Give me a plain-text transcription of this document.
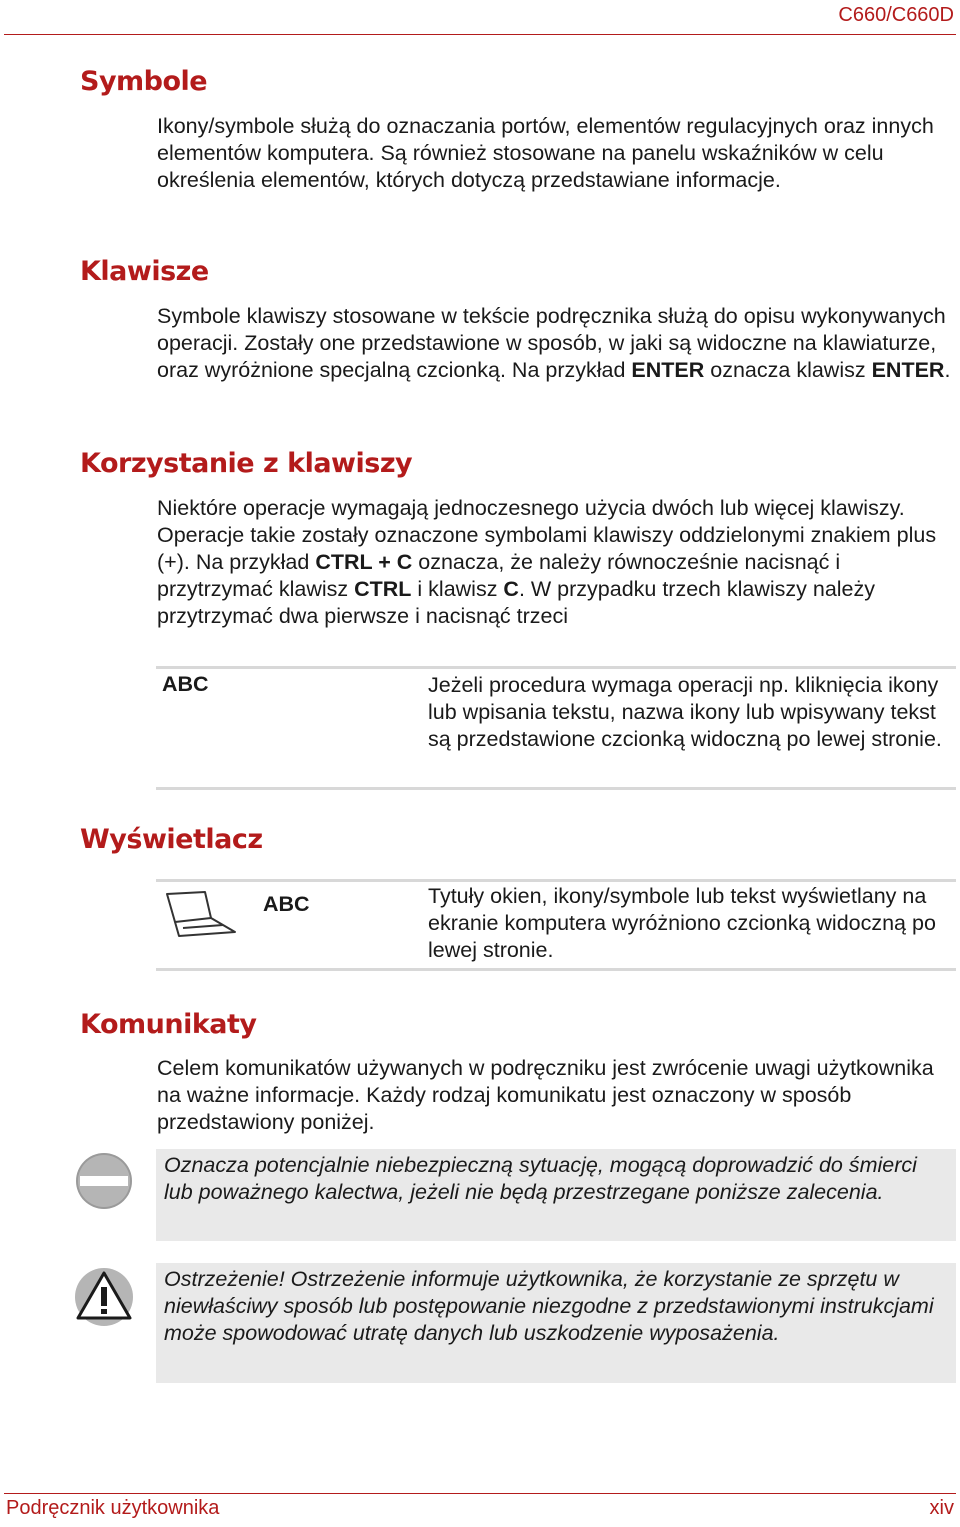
C660/C660D
Symbole

Ikony/symbole służą do oznaczania portów, elementów regulacyjnych oraz innych elementów komputera. Są również stosowane na panelu wskaźników w celu określenia elementów, których dotyczą przedstawiane informacje.

Klawisze

Symbole klawiszy stosowane w tekście podręcznika służą do opisu wykonywanych operacji. Zostały one przedstawione w sposób, w jaki są widoczne na klawiaturze, oraz wyróżnione specjalną czcionką. Na przykład ENTER oznacza klawisz ENTER.

Korzystanie z klawiszy

Niektóre operacje wymagają jednoczesnego użycia dwóch lub więcej klawiszy. Operacje takie zostały oznaczone symbolami klawiszy oddzielonymi znakiem plus (+). Na przykład CTRL + C oznacza, że należy równocześnie nacisnąć i przytrzymać klawisz CTRL i klawisz C. W przypadku trzech klawiszy należy przytrzymać dwa pierwsze i nacisnąć trzeci

ABC	Jeżeli procedura wymaga operacji np. kliknięcia ikony lub wpisania tekstu, nazwa ikony lub wpisywany tekst są przedstawione czcionką widoczną po lewej stronie.

Wyświetlacz
ABC	Tytuły okien, ikony/symbole lub tekst wyświetlany na ekranie komputera wyróżniono czcionką widoczną po lewej stronie.

Komunikaty

Celem komunikatów używanych w podręczniku jest zwrócenie uwagi użytkownika na ważne informacje. Każdy rodzaj komunikatu jest oznaczony w sposób przedstawiony poniżej.

Oznacza potencjalnie niebezpieczną sytuację, mogącą doprowadzić do śmierci lub poważnego kalectwa, jeżeli nie będą przestrzegane poniższe zalecenia.
Ostrzeżenie! Ostrzeżenie informuje użytkownika, że korzystanie ze sprzętu w niewłaściwy sposób lub postępowanie niezgodne z przedstawionymi instrukcjami może spowodować utratę danych lub uszkodzenie wyposażenia.
Podręcznik użytkownika	xiv
